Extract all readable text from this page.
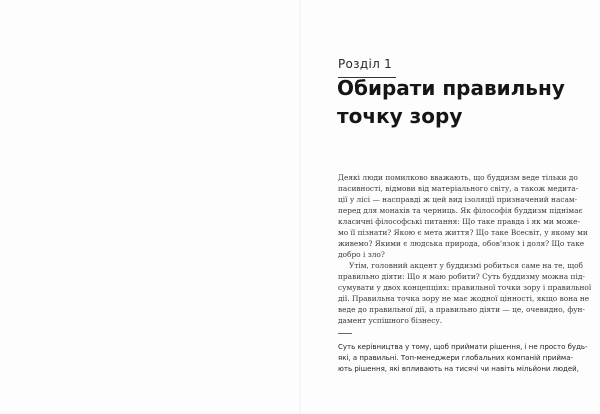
Розділ 1
Обирати правильну
точку зору
Деякі люди помилково вважають, що буддизм веде тільки до
пасивності, відмови від матеріального світу, а також медита-
ції у лісі — насправді ж цей вид ізоляції призначений насам-
перед для монахів та черниць. Як філософія буддизм піднімає
класичні філософські питання: Що таке правда і як ми може-
мо її пізнати? Якою є мета життя? Що таке Всесвіт, у якому ми
живемо? Якими є людська природа, обов'язок і доля? Що таке
добро і зло?
Утім, головний акцент у буддизмі робиться саме на те, щоб
правильно діяти: Що я маю робити? Суть буддизму можна під-
сумувати у двох концепціях: правильної точки зору і правильної
дії. Правильна точка зору не має жодної цінності, якщо вона не
веде до правильної дії, а правильно діяти — це, очевидно, фун-
дамент успішного бізнесу.
Суть керівництва у тому, щоб приймати рішення, і не просто будь-
які, а правильні. Топ-менеджери глобальних компаній прийма-
ють рішення, які впливають на тисячі чи навіть мільйони людей,
